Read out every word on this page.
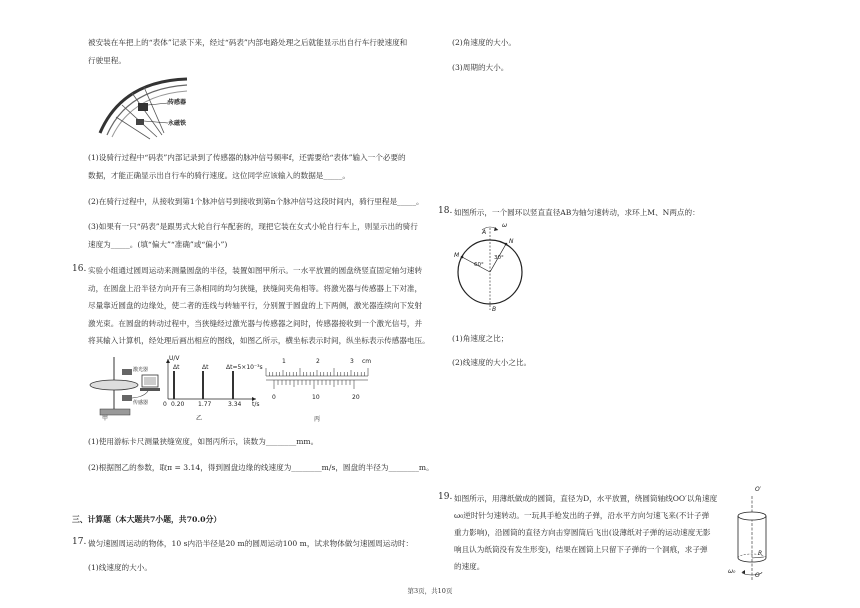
被安装在车把上的“表体”记录下来，经过“码表”内部电路处理之后就能显示出自行车行驶速度和
行驶里程。
传感器
永磁铁
(1)设骑行过程中“码表”内部记录到了传感器的脉冲信号频率f，还需要给“表体”输入一个必要的
数据，才能正确显示出自行车的骑行速度。这位同学应该输入的数据是_____。
(2)在骑行过程中，从接收到第1个脉冲信号到接收到第n个脉冲信号这段时间内，骑行里程是_____。
(3)如果有一只“码表”是跟男式大轮自行车配套的，现把它装在女式小轮自行车上，则显示出的骑行
速度为_____。(填“偏大”“准确”或“偏小”)
16. 实验小组通过圆周运动来测量圆盘的半径，装置如图甲所示。一水平放置的圆盘绕竖直固定轴匀速转
动，在圆盘上沿半径方向开有三条相同的均匀狭缝，狭缝间夹角相等。将激光器与传感器上下对准，
尽量靠近圆盘的边缘处，使二者的连线与转轴平行，分别置于圆盘的上下两侧，激光器连续向下发射
激光束。在圆盘的转动过程中，当狭缝经过激光器与传感器之间时，传感器接收到一个激光信号，并
将其输入计算机，经处理后画出相应的图线，如图乙所示，横坐标表示时间，纵坐标表示传感器电压。
激光器
传感器
甲
U/V
t/s
Δt	Δt	Δt=5×10⁻³s
0 0.20 1.77	3.34
乙
1	2	3 cm
0	10	20
丙
(1)使用游标卡尺测量狭缝宽度，如图丙所示，读数为________mm。
(2)根据图乙的参数，取π = 3.14，得到圆盘边缘的线速度为________m/s，圆盘的半径为________m。
三、计算题（本大题共7小题，共70.0分）
17. 做匀速圆周运动的物体，10 s内沿半径是20 m的圆周运动100 m，试求物体做匀速圆周运动时：
(1)线速度的大小。
(2)角速度的大小。
(3)周期的大小。
18. 如图所示，一个圆环以竖直直径AB为轴匀速转动，求环上M、N两点的：
A
B
M
N
ω
60°
30°
(1)角速度之比；
(2)线速度的大小之比。
19. 如图所示，用薄纸做成的圆筒，直径为D，水平放置，绕圆筒轴线OO′以角速度
ω₀逆时针匀速转动。一玩具手枪发出的子弹，沿水平方向匀速飞来(不计子弹
重力影响)，沿圆筒的直径方向击穿圆筒后飞出(设薄纸对子弹的运动速度无影
响且认为纸筒没有发生形变)，结果在圆筒上只留下子弹的一个洞痕，求子弹
的速度。
O′
O
R
ω₀
第3页，共10页
